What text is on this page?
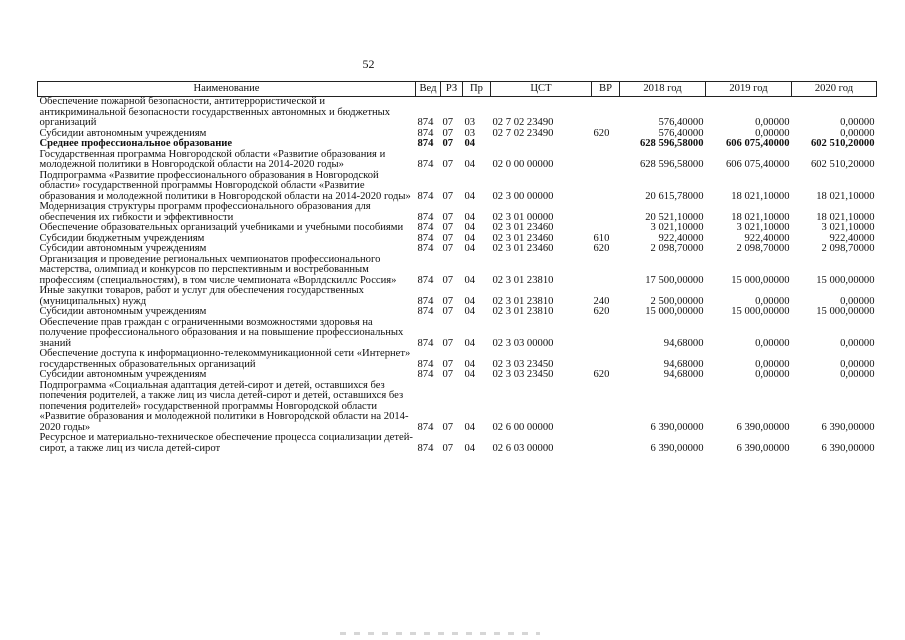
52
Наименование	Вед	РЗ	Пр	ЦСТ	ВР	2018 год	2019 год	2020 год
Обеспечение пожарной безопасности, антитеррористической и антикриминальной безопасности государственных автономных и бюджетных организаций	874	07	03	02 7 02 23490		576,40000	0,00000	0,00000
Субсидии автономным учреждениям	874	07	03	02 7 02 23490	620	576,40000	0,00000	0,00000
Среднее профессиональное образование	874	07	04			628 596,58000	606 075,40000	602 510,20000
Государственная программа Новгородской области «Развитие образования и молодежной политики в Новгородской области на 2014-2020 годы»	874	07	04	02 0 00 00000		628 596,58000	606 075,40000	602 510,20000
Подпрограмма «Развитие профессионального образования в Новгородской области» государственной программы Новгородской области «Развитие образования и молодежной политики в Новгородской области на 2014-2020 годы»	874	07	04	02 3 00 00000		20 615,78000	18 021,10000	18 021,10000
Модернизация структуры программ профессионального образования для обеспечения их гибкости и эффективности	874	07	04	02 3 01 00000		20 521,10000	18 021,10000	18 021,10000
Обеспечение образовательных организаций учебниками и учебными пособиями	874	07	04	02 3 01 23460		3 021,10000	3 021,10000	3 021,10000
Субсидии бюджетным учреждениям	874	07	04	02 3 01 23460	610	922,40000	922,40000	922,40000
Субсидии автономным учреждениям	874	07	04	02 3 01 23460	620	2 098,70000	2 098,70000	2 098,70000
Организация и проведение региональных чемпионатов профессионального мастерства, олимпиад и конкурсов по перспективным и востребованным профессиям (специальностям), в том числе чемпионата «Ворлдскиллс Россия»	874	07	04	02 3 01 23810		17 500,00000	15 000,00000	15 000,00000
Иные закупки товаров, работ и услуг для обеспечения государственных (муниципальных) нужд	874	07	04	02 3 01 23810	240	2 500,00000	0,00000	0,00000
Субсидии автономным учреждениям	874	07	04	02 3 01 23810	620	15 000,00000	15 000,00000	15 000,00000
Обеспечение прав граждан с ограниченными возможностями здоровья на получение профессионального образования и на повышение профессиональных знаний	874	07	04	02 3 03 00000		94,68000	0,00000	0,00000
Обеспечение доступа к информационно-телекоммуникационной сети «Интернет» государственных образовательных организаций	874	07	04	02 3 03 23450		94,68000	0,00000	0,00000
Субсидии автономным учреждениям	874	07	04	02 3 03 23450	620	94,68000	0,00000	0,00000
Подпрограмма «Социальная адаптация детей-сирот и детей, оставшихся без попечения родителей, а также лиц из числа детей-сирот и детей, оставшихся без попечения родителей» государственной программы Новгородской области «Развитие образования и молодежной политики в Новгородской области на 2014-2020 годы»	874	07	04	02 6 00 00000		6 390,00000	6 390,00000	6 390,00000
Ресурсное и материально-техническое обеспечение процесса социализации детей-сирот, а также лиц из числа детей-сирот	874	07	04	02 6 03 00000		6 390,00000	6 390,00000	6 390,00000
